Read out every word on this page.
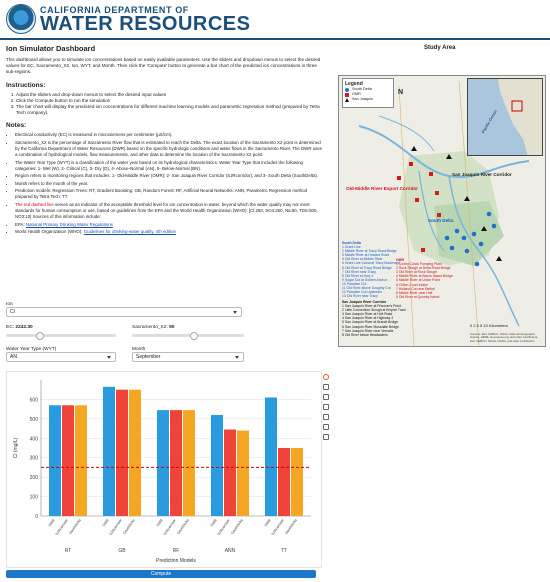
CALIFORNIA DEPARTMENT OF
WATER RESOURCES
Ion Simulator Dashboard
This dashboard allows you to simulate ion concentrations based on easily available parameters. Use the sliders and dropdown menus to select the desired values for EC, Sacramento_X2, Ion, WYT, and Month. Then click the 'Compute' button to generate a bar chart of the predicted ion concentrations in three sub-regions.
Instructions:
1. Adjust the sliders and drop-down menus to select the desired input values
2. Click the Compute button to run the simulation
3. The bar chart will display the predicted ion concentrations for different machine learning models and parametric regression method (prepared by Tetra Tech company).
Notes:
• Electrical conductivity (EC) is measured in microsiemens per centimeter (µS/cm).
• Sacramento_X2 is the percentage of Sacramento River flow that is estimated to reach the Delta. The exact location of the Sacramento X2 point is determined by the California Department of Water Resources (DWR) based on the specific hydrologic conditions and water flows in the Sacramento River. The DWR uses a combination of hydrological models, flow measurements, and other data to determine the location of the Sacramento X2 point.
• The Water Year Type (WYT) is a classification of the water year based on its hydrological characteristics. Water Year Type that includes the following categories: 1- Wet (W), 2- Critical (C), 3- Dry (D), 4- Above-Normal (AN), 5- Below-Normal (BN).
• Region refers to monitoring regions that includes: 1- Old-Middle River (OMR); 2- San Joaquin River Corridor (SJRcorridor), and 3- South Delta (SouthDelta).
• Month refers to the month of the year.
• Prediction models: Regression Trees: RT, Gradient Boosting: GB, Random Forest: RF, Artificial Neural Networks: ANN, Parametric Regression method prepared by Tetra Tech: TT
• The red dashed line serves as an indicator of the acceptable threshold level for ion concentration in water, beyond which the water quality may not meet standards for human consumption or use, based on guidelines from the EPA and the World Health Organization (WHO): [Cl:250, SO4:250, Na:60, TDS:500, NO3:10] Sources of this information include:
• EPA: National Primary Drinking Water Regulations
• World Health Organization (WHO): Guidelines for drinking-water quality, 4th edition
Ion
Cl
EC: 2242.30	Sacramento_X2: 90
Water Year Type (WYT)
AN
Month
September
0
100
200
300
400
500
600
OMR
SJRcorridor SouthDelta
RT
OMR
SJRcorridor SouthDelta
GB
OMR
SJRcorridor SouthDelta
RF
OMR
SJRcorridor SouthDelta
ANN
OMR
SJRcorridor SouthDelta
TT
Prediction Models
Cl (mg/L)
Compute
Study Area
Legend
South Delta
OMR
San Joaquin
N
Pacific Ocean
Old-Middle River Export Corridor
San Joaquin River Corridor
South Delta
South Delta
1 Grant Line
2 Middle River at Tracy Road Bridge
3 Middle River at Howard Road
4 Old River at Middle River
5 Grant Line Canal at Tracy Boulevard
6 Old River at Tracy Road Bridge
7 Old River near Tracy
8 Old River at Hwy 4
9 Sugar Cut at Golden Anchor
10 Paradise Cut
11 Old River above Doughty Cut
12 Paradise Cut Upstream
13 Old River near Tracy
OMR
1 Contra Costa Pumping Plant
2 Rock Slough at Delta Road Bridge
3 Old River at Rock Slough
4 Middle River at Bacon Island Bridge
5 Middle River at Union Point
6 Clifton Court Intake
7 Holland Cut near Bethel
8 Middle River near Holt
9 Old River at Quimby Island
San Joaquin River Corridor
1 San Joaquin River at Prisoner's Point
2 Little Connection Slough at Empire Tract
3 San Joaquin River at Holt Road
4 San Joaquin River at Highway 4
5 San Joaquin River at Brandt Bridge
6 San Joaquin River Mossdale Bridge
7 San Joaquin River near Vernalis
8 Old River below Headwaters
0 2.5 5 10 Kilometers
Sources: Esri, GEBCO, NOAA, National Geographic, Garmin, HERE, Geonames.org, and other contributors, Esri, GEBCO, NOAA, NGDC, and other contributors
